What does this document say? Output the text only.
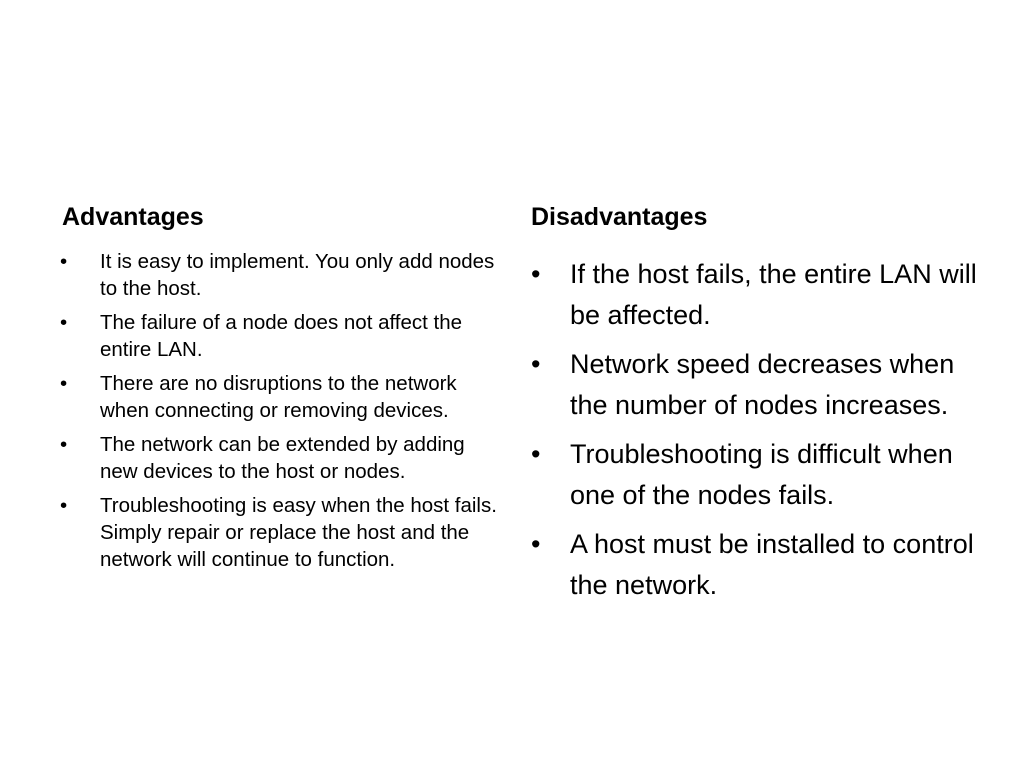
Advantages
• It is easy to implement. You only add nodes to the host.
• The failure of a node does not affect the entire LAN.
• There are no disruptions to the network when connecting or removing devices.
• The network can be extended by adding new devices to the host or nodes.
• Troubleshooting is easy when the host fails. Simply repair or replace the host and the network will continue to function.
Disadvantages
• If the host fails, the entire LAN will be affected.
• Network speed decreases when the number of nodes increases.
• Troubleshooting is difficult when one of the nodes fails.
• A host must be installed to control the network.
